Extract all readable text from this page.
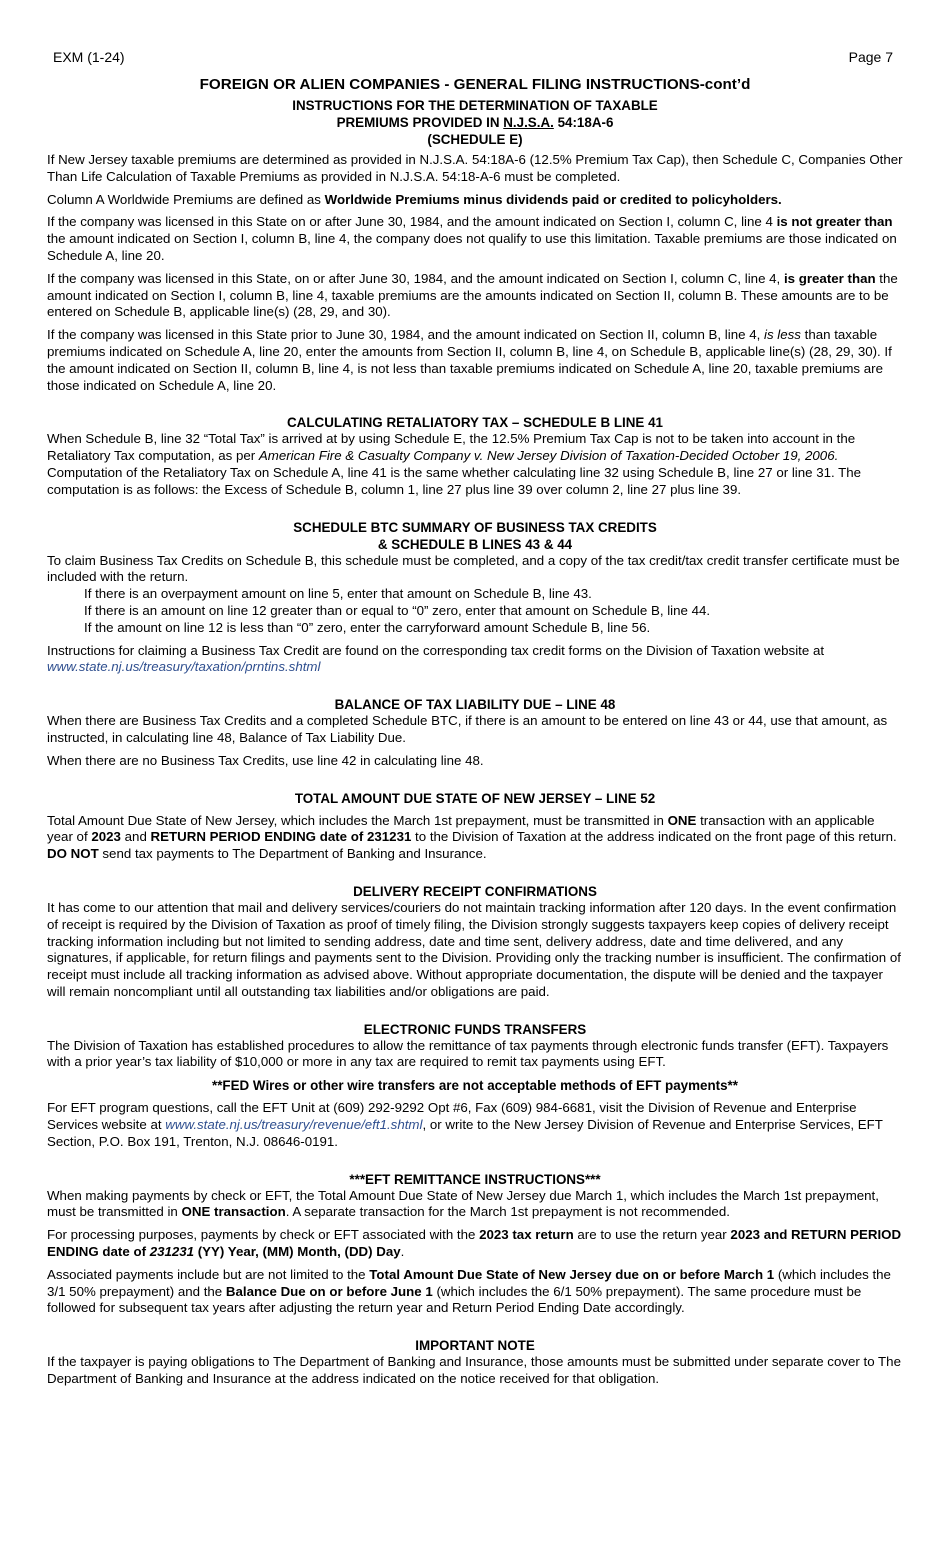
EXM (1-24)	Page 7
FOREIGN OR ALIEN COMPANIES - GENERAL FILING INSTRUCTIONS-cont’d
INSTRUCTIONS FOR THE DETERMINATION OF TAXABLE
PREMIUMS PROVIDED IN N.J.S.A. 54:18A-6
(SCHEDULE E)

If New Jersey taxable premiums are determined as provided in N.J.S.A. 54:18A-6 (12.5% Premium Tax Cap), then Schedule C, Companies Other Than Life Calculation of Taxable Premiums as provided in N.J.S.A. 54:18-A-6 must be completed.

Column A Worldwide Premiums are defined as Worldwide Premiums minus dividends paid or credited to policyholders.

If the company was licensed in this State on or after June 30, 1984, and the amount indicated on Section I, column C, line 4 is not greater than the amount indicated on Section I, column B, line 4, the company does not qualify to use this limitation. Taxable premiums are those indicated on Schedule A, line 20.

If the company was licensed in this State, on or after June 30, 1984, and the amount indicated on Section I, column C, line 4, is greater than the amount indicated on Section I, column B, line 4, taxable premiums are the amounts indicated on Section II, column B. These amounts are to be entered on Schedule B, applicable line(s) (28, 29, and 30).

If the company was licensed in this State prior to June 30, 1984, and the amount indicated on Section II, column B, line 4, is less than taxable premiums indicated on Schedule A, line 20, enter the amounts from Section II, column B, line 4, on Schedule B, applicable line(s) (28, 29, 30). If the amount indicated on Section II, column B, line 4, is not less than taxable premiums indicated on Schedule A, line 20, taxable premiums are those indicated on Schedule A, line 20.

CALCULATING RETALIATORY TAX – SCHEDULE B LINE 41

When Schedule B, line 32 “Total Tax” is arrived at by using Schedule E, the 12.5% Premium Tax Cap is not to be taken into account in the Retaliatory Tax computation, as per American Fire & Casualty Company v. New Jersey Division of Taxation-Decided October 19, 2006. Computation of the Retaliatory Tax on Schedule A, line 41 is the same whether calculating line 32 using Schedule B, line 27 or line 31. The computation is as follows: the Excess of Schedule B, column 1, line 27 plus line 39 over column 2, line 27 plus line 39.

SCHEDULE BTC SUMMARY OF BUSINESS TAX CREDITS
& SCHEDULE B LINES 43 & 44

To claim Business Tax Credits on Schedule B, this schedule must be completed, and a copy of the tax credit/tax credit transfer certificate must be included with the return.

If there is an overpayment amount on line 5, enter that amount on Schedule B, line 43.
If there is an amount on line 12 greater than or equal to “0” zero, enter that amount on Schedule B, line 44.
If the amount on line 12 is less than “0” zero, enter the carryforward amount Schedule B, line 56.

Instructions for claiming a Business Tax Credit are found on the corresponding tax credit forms on the Division of Taxation website at
www.state.nj.us/treasury/taxation/prntins.shtml

BALANCE OF TAX LIABILITY DUE – LINE 48

When there are Business Tax Credits and a completed Schedule BTC, if there is an amount to be entered on line 43 or 44, use that amount, as instructed, in calculating line 48, Balance of Tax Liability Due.

When there are no Business Tax Credits, use line 42 in calculating line 48.

TOTAL AMOUNT DUE STATE OF NEW JERSEY – LINE 52

Total Amount Due State of New Jersey, which includes the March 1st prepayment, must be transmitted in ONE transaction with an applicable year of 2023 and RETURN PERIOD ENDING date of 231231 to the Division of Taxation at the address indicated on the front page of this return. DO NOT send tax payments to The Department of Banking and Insurance.

DELIVERY RECEIPT CONFIRMATIONS

It has come to our attention that mail and delivery services/couriers do not maintain tracking information after 120 days. In the event confirmation of receipt is required by the Division of Taxation as proof of timely filing, the Division strongly suggests taxpayers keep copies of delivery receipt tracking information including but not limited to sending address, date and time sent, delivery address, date and time delivered, and any signatures, if applicable, for return filings and payments sent to the Division. Providing only the tracking number is insufficient. The confirmation of receipt must include all tracking information as advised above. Without appropriate documentation, the dispute will be denied and the taxpayer will remain noncompliant until all outstanding tax liabilities and/or obligations are paid.

ELECTRONIC FUNDS TRANSFERS

The Division of Taxation has established procedures to allow the remittance of tax payments through electronic funds transfer (EFT). Taxpayers with a prior year’s tax liability of $10,000 or more in any tax are required to remit tax payments using EFT.

**FED Wires or other wire transfers are not acceptable methods of EFT payments**

For EFT program questions, call the EFT Unit at (609) 292-9292 Opt #6, Fax (609) 984-6681, visit the Division of Revenue and Enterprise Services website at www.state.nj.us/treasury/revenue/eft1.shtml, or write to the New Jersey Division of Revenue and Enterprise Services, EFT Section, P.O. Box 191, Trenton, N.J. 08646-0191.

***EFT REMITTANCE INSTRUCTIONS***

When making payments by check or EFT, the Total Amount Due State of New Jersey due March 1, which includes the March 1st prepayment, must be transmitted in ONE transaction. A separate transaction for the March 1st prepayment is not recommended.

For processing purposes, payments by check or EFT associated with the 2023 tax return are to use the return year 2023 and RETURN PERIOD ENDING date of 231231 (YY) Year, (MM) Month, (DD) Day.

Associated payments include but are not limited to the Total Amount Due State of New Jersey due on or before March 1 (which includes the 3/1 50% prepayment) and the Balance Due on or before June 1 (which includes the 6/1 50% prepayment). The same procedure must be followed for subsequent tax years after adjusting the return year and Return Period Ending Date accordingly.

IMPORTANT NOTE

If the taxpayer is paying obligations to The Department of Banking and Insurance, those amounts must be submitted under separate cover to The Department of Banking and Insurance at the address indicated on the notice received for that obligation.
